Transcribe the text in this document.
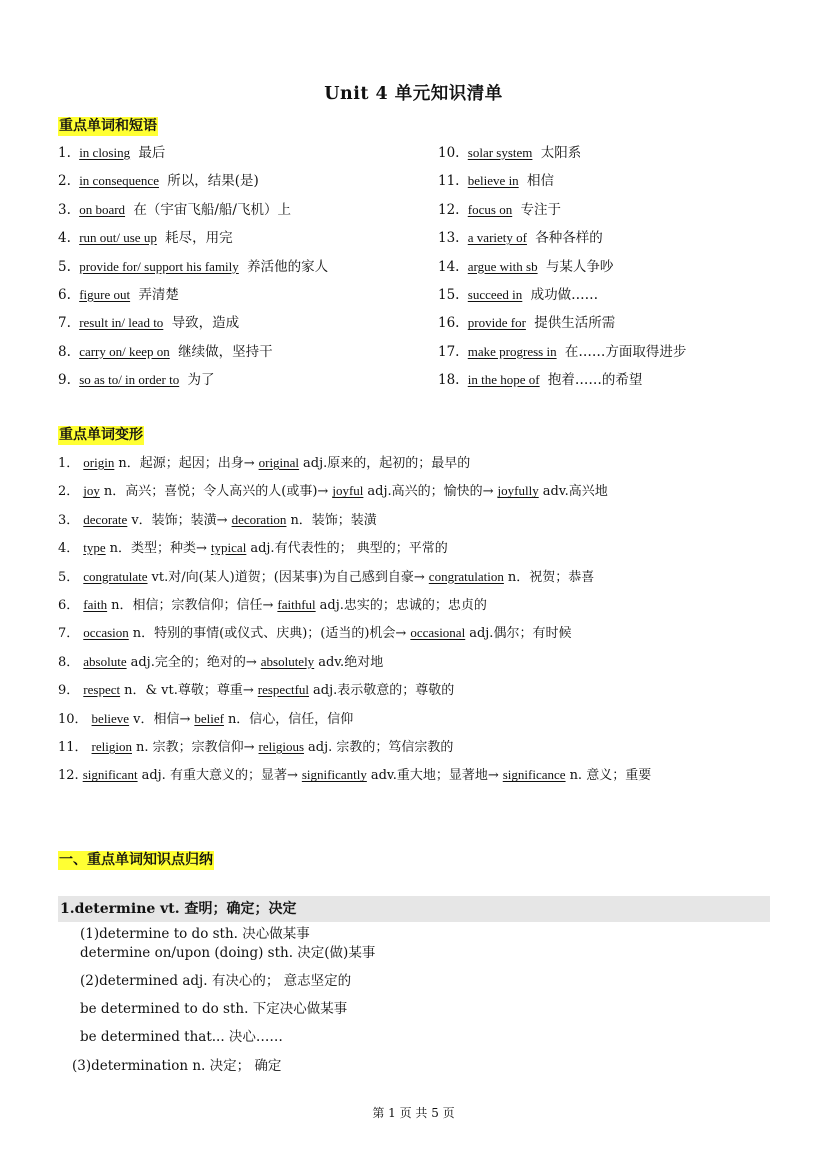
Unit 4 单元知识清单
重点单词和短语
1. in closing 最后
2. in consequence 所以，结果(是)
3. on board 在（宇宙飞船/船/飞机）上
4. run out/ use up 耗尽，用完
5. provide for/ support his family 养活他的家人
6. figure out 弄清楚
7. result in/ lead to 导致，造成
8. carry on/ keep on 继续做，坚持干
9. so as to/ in order to 为了
10. solar system 太阳系
11. believe in 相信
12. focus on 专注于
13. a variety of 各种各样的
14. argue with sb 与某人争吵
15. succeed in 成功做……
16. provide for 提供生活所需
17. make progress in 在……方面取得进步
18. in the hope of 抱着……的希望
重点单词变形
1． origin n．起源；起因；出身→ original adj.原来的，起初的；最早的
2． joy n．高兴；喜悦；令人高兴的人(或事)→ joyful adj.高兴的；愉快的→ joyfully adv.高兴地
3． decorate v．装饰；装潢→ decoration n．装饰；装潢
4． type n．类型；种类→ typical adj.有代表性的； 典型的；平常的
5． congratulate vt.对/向(某人)道贺；(因某事)为自己感到自豪→ congratulation n．祝贺；恭喜
6． faith n．相信；宗教信仰；信任→ faithful adj.忠实的；忠诚的；忠贞的
7． occasion n．特别的事情(或仪式、庆典)；(适当的)机会→ occasional adj.偶尔；有时候
8． absolute adj.完全的；绝对的→ absolutely adv.绝对地
9． respect n．& vt.尊敬；尊重→ respectful adj.表示敬意的；尊敬的
10． believe v．相信→ belief n．信心，信任，信仰
11． religion n. 宗教；宗教信仰→ religious adj. 宗教的；笃信宗教的
12. significant adj. 有重大意义的；显著→ significantly adv.重大地；显著地→ significance n. 意义；重要
一、重点单词知识点归纳
1.determine vt. 查明；确定；决定
(1)determine to do sth. 决心做某事
determine on/upon (doing) sth. 决定(做)某事
(2)determined adj. 有决心的； 意志坚定的
be determined to do sth. 下定决心做某事
be determined that... 决心……
(3)determination n. 决定； 确定
第 1 页 共 5 页
